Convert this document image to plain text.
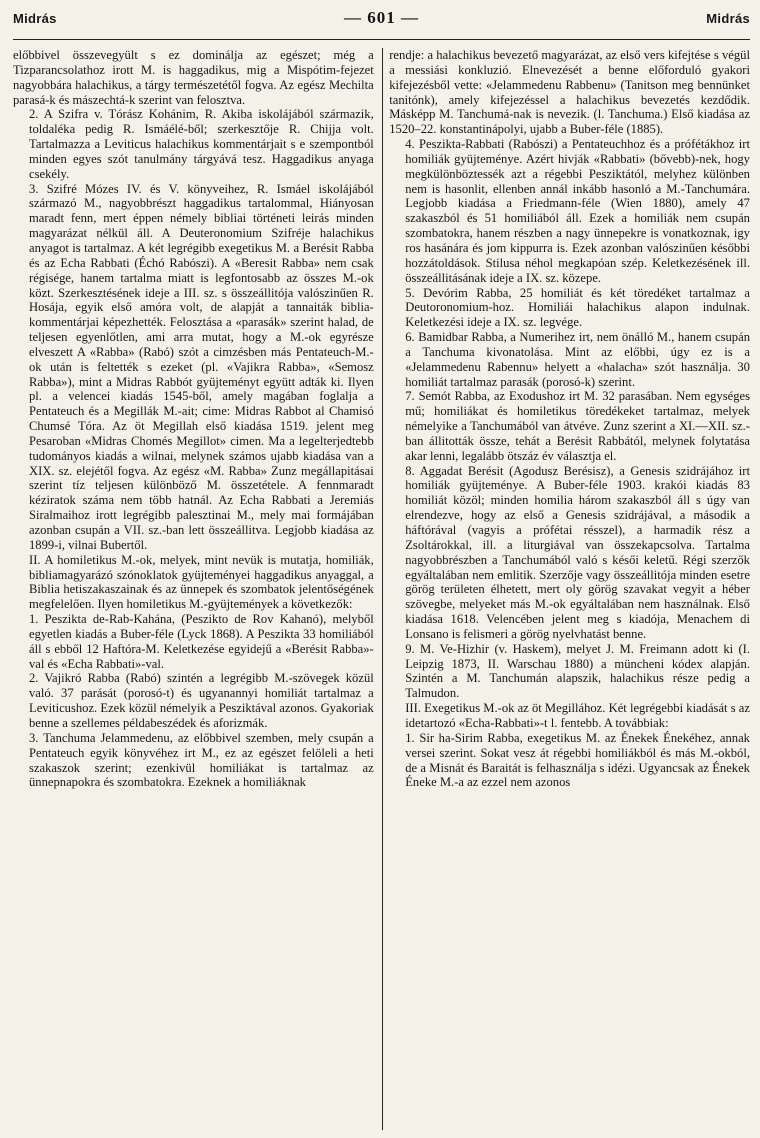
Midrás	— 601 —	Midrás

előbbivel összevegyült s ez dominálja az egészet; még a Tizparancsolathoz irott M. is haggadikus, mig a Mispótim-fejezet nagyobbára halachikus, a tárgy természetétől fogva. Az egész Mechilta parasá-k és mászechtá-k szerint van felosztva.

2. A Szifra v. Tórász Kohánim, R. Akiba iskolájából származik, toldaléka pedig R. Ismáélé-ből; szerkesztője R. Chijja volt. Tartalmazza a Leviticus halachikus kommentárjait s e szempontból minden egyes szót tanulmány tárgyává tesz. Haggadikus anyaga csekély.

3. Szifré Mózes IV. és V. könyveihez, R. Ismáel iskolájából származó M., nagyobbrészt haggadikus tartalommal, Hiányosan maradt fenn, mert éppen némely bibliai történeti leirás minden magyarázat nélkül áll. A Deuteronomium Szifréje halachikus anyagot is tartalmaz. A két legrégibb exegetikus M. a Berésit Rabba és az Echa Rabbati (Échó Rabószi). A «Beresit Rabba» nem csak régisége, hanem tartalma miatt is legfontosabb az összes M.-ok közt. Szerkesztésének ideje a III. sz. s összeállitója valószinűen R. Hosája, egyik első amóra volt, de alapját a tannaiták biblia-kommentárjai képezhették. Felosztása a «parasák» szerint halad, de teljesen egyenlőtlen, ami arra mutat, hogy a M.-ok egyrésze elveszett A «Rabba» (Rabó) szót a cimzésben más Pentateuch-M.-ok után is feltették s ezeket (pl. «Vajikra Rabba», «Semosz Rabba»), mint a Midras Rabbót gyüjteményt együtt adták ki. Ilyen pl. a velencei kiadás 1545-ből, amely magában foglalja a Pentateuch és a Megillák M.-ait; cime: Midras Rabbot al Chamisó Chumsé Tóra. Az öt Megillah első kiadása 1519. jelent meg Pesaroban «Midras Chomés Megillot» cimen. Ma a legelterjedtebb tudományos kiadás a wilnai, melynek számos ujabb kiadása van a XIX. sz. elejétől fogva. Az egész «M. Rabba» Zunz megállapitásai szerint tíz teljesen különböző M. összetétele. A fennmaradt kéziratok száma nem több hatnál. Az Echa Rabbati a Jeremiás Siralmaihoz irott legrégibb palesztinai M., mely mai formájában azonban csupán a VII. sz.-ban lett összeállitva. Legjobb kiadása az 1899-i, vilnai Bubertől.

II. A homiletikus M.-ok, melyek, mint nevük is mutatja, homiliák, bibliamagyarázó szónoklatok gyüjteményei haggadikus anyaggal, a Biblia hetiszakaszainak és az ünnepek és szombatok jelentőségének megfelelően. Ilyen homiletikus M.-gyüjtemények a következők:

1. Peszikta de-Rab-Kahána, (Peszikto de Rov Kahanó), melyből egyetlen kiadás a Buber-féle (Lyck 1868). A Peszikta 33 homiliából áll s ebből 12 Haftóra-M. Keletkezése egyidejű a «Berésit Rabba»-val és «Echa Rabbati»-val.

2. Vajikró Rabba (Rabó) szintén a legrégibb M.-szövegek közül való. 37 parását (porosó-t) és ugyanannyi homiliát tartalmaz a Leviticushoz. Ezek közül némelyik a Pesziktával azonos. Gyakoriak benne a szellemes példabeszédek és aforizmák.

3. Tanchuma Jelammedenu, az előbbivel szemben, mely csupán a Pentateuch egyik könyvéhez irt M., ez az egészet felöleli a heti szakaszok szerint; ezenkivül homiliákat is tartalmaz az ünnepnapokra és szombatokra. Ezeknek a homiliáknak

rendje: a halachikus bevezető magyarázat, az első vers kifejtése s végül a messiási konkluzió. Elnevezését a benne előforduló gyakori kifejezésből vette: «Jelammedenu Rabbenu» (Tanitson meg bennünket tanitónk), amely kifejezéssel a halachikus bevezetés kezdődik. Másképp M. Tanchumá-nak is nevezik. (l. Tanchuma.) Első kiadása az 1520–22. konstantinápolyi, ujabb a Buber-féle (1885).

4. Peszikta-Rabbati (Rabószi) a Pentateuchhoz és a prófétákhoz irt homiliák gyüjteménye. Azért hivják «Rabbati» (bővebb)-nek, hogy megkülönböztessék azt a régebbi Pesziktától, melyhez különben nem is hasonlit, ellenben annál inkább hasonló a M.-Tanchumára. Legjobb kiadása a Friedmann-féle (Wien 1880), amely 47 szakaszból és 51 homiliából áll. Ezek a homiliák nem csupán szombatokra, hanem részben a nagy ünnepekre is vonatkoznak, igy ros hasánára és jom kippurra is. Ezek azonban valószinűen későbbi hozzátoldások. Stilusa néhol megkapóan szép. Keletkezésének ill. összeállitásának ideje a IX. sz. közepe.

5. Devórim Rabba, 25 homiliát és két töredéket tartalmaz a Deutoronomium-hoz. Homiliái halachikus alapon indulnak. Keletkezési ideje a IX. sz. legvége.

6. Bamidbar Rabba, a Numerihez irt, nem önálló M., hanem csupán a Tanchuma kivonatolása. Mint az előbbi, úgy ez is a «Jelammedenu Rabennu» helyett a «halacha» szót használja. 30 homiliát tartalmaz parasák (porosó-k) szerint.

7. Semót Rabba, az Exodushoz irt M. 32 parasában. Nem egységes mű; homiliákat és homiletikus töredékeket tartalmaz, melyek némelyike a Tanchumából van átvéve. Zunz szerint a XI.—XII. sz.-ban állitották össze, tehát a Berésit Rabbától, melynek folytatása akar lenni, legalább ötszáz év választja el.

8. Aggadat Berésit (Agodusz Berésisz), a Genesis szidrájához irt homiliák gyüjteménye. A Buber-féle 1903. krakói kiadás 83 homiliát közöl; minden homilia három szakaszból áll s úgy van elrendezve, hogy az első a Genesis szidrájával, a második a háftórával (vagyis a prófétai résszel), a harmadik rész a Zsoltárokkal, ill. a liturgiával van összekapcsolva. Tartalma nagyobbrészben a Tanchumából való s késői keletű. Régi szerzők egyáltalában nem emlitik. Szerzője vagy összeállitója minden esetre görög területen élhetett, mert oly görög szavakat vegyit a héber szövegbe, melyeket más M.-ok egyáltalában nem használnak. Első kiadása 1618. Velencében jelent meg s kiadója, Menachem di Lonsano is felismeri a görög nyelvhatást benne.

9. M. Ve-Hizhir (v. Haskem), melyet J. M. Freimann adott ki (I. Leipzig 1873, II. Warschau 1880) a müncheni kódex alapján. Szintén a M. Tanchumán alapszik, halachikus része pedig a Talmudon.

III. Exegetikus M.-ok az öt Megillához. Két legrégebbi kiadását s az idetartozó «Echa-Rabbati»-t l. fentebb. A továbbiak:

1. Sir ha-Sirim Rabba, exegetikus M. az Énekek Énekéhez, annak versei szerint. Sokat vesz át régebbi homiliákból és más M.-okból, de a Misnát és Baraitát is felhasználja s idézi. Ugyancsak az Énekek Éneke M.-a az ezzel nem azonos
